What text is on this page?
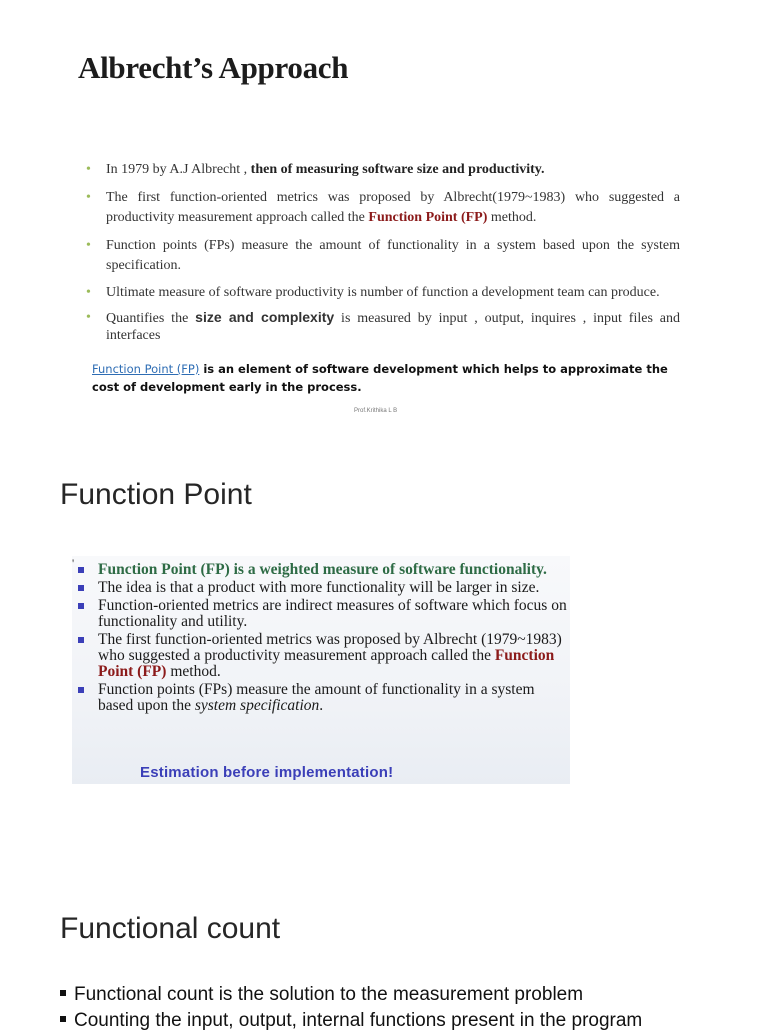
Albrecht’s Approach
• In 1979 by A.J Albrecht , then of measuring software size and productivity.
• The first function-oriented metrics was proposed by Albrecht(1979~1983) who suggested a productivity measurement approach called the Function Point (FP) method.
• Function points (FPs) measure the amount of functionality in a system based upon the system specification.
• Ultimate measure of software productivity is number of function a development team can produce.
• Quantifies the size and complexity is measured by input , output, inquires , input files and interfaces
Function Point (FP) is an element of software development which helps to approximate the cost of development early in the process.
Prof.Krithika L B
Function Point
'	Function Point (FP) is a weighted measure of software functionality.
The idea is that a product with more functionality will be larger in size.
Function-oriented metrics are indirect measures of software which focus on functionality and utility.
The first function-oriented metrics was proposed by Albrecht (1979~1983) who suggested a productivity measurement approach called the Function Point (FP) method.
Function points (FPs) measure the amount of functionality in a system based upon the system specification.
Estimation before implementation!
Functional count
Functional count is the solution to the measurement problem
Counting the input, output, internal functions present in the program
